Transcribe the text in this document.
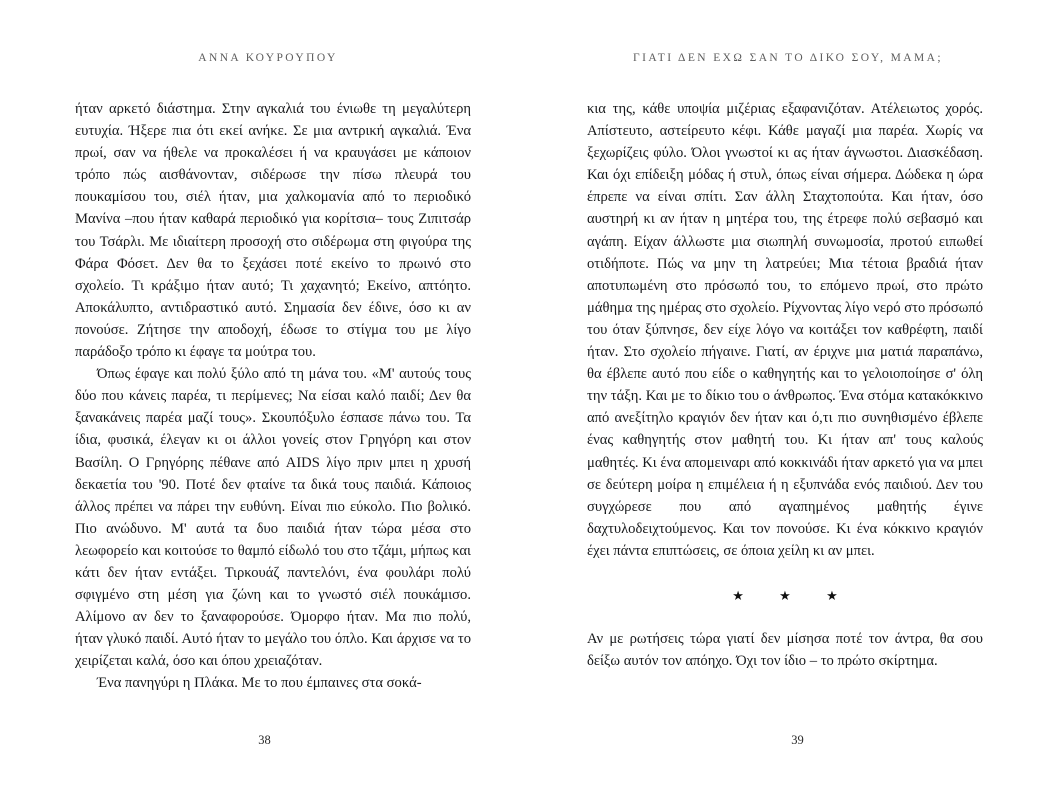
ΑΝΝΑ ΚΟΥΡΟΥΠΟΥ

ήταν αρκετό διάστημα. Στην αγκαλιά του ένιωθε τη μεγαλύτερη ευτυχία. Ήξερε πια ότι εκεί ανήκε. Σε μια αντρική αγκαλιά. Ένα πρωί, σαν να ήθελε να προκαλέσει ή να κραυγάσει με κάποιον τρόπο πώς αισθάνονταν, σιδέρωσε την πίσω πλευρά του πουκαμίσου του, σιέλ ήταν, μια χαλκομανία από το περιοδικό Μανίνα –που ήταν καθαρά περιοδικό για κορίτσια– τους Ζιπιτσάρ του Τσάρλι. Με ιδιαίτερη προσοχή στο σιδέρωμα στη φιγούρα της Φάρα Φόσετ. Δεν θα το ξεχάσει ποτέ εκείνο το πρωινό στο σχολείο. Τι κράξιμο ήταν αυτό; Τι χαχανητό; Εκείνο, απτόητο. Αποκάλυπτο, αντιδραστικό αυτό. Σημασία δεν έδινε, όσο κι αν πονούσε. Ζήτησε την αποδοχή, έδωσε το στίγμα του με λίγο παράδοξο τρόπο κι έφαγε τα μούτρα του.

Όπως έφαγε και πολύ ξύλο από τη μάνα του. «Μ' αυτούς τους δύο που κάνεις παρέα, τι περίμενες; Να είσαι καλό παιδί; Δεν θα ξανακάνεις παρέα μαζί τους». Σκουπόξυλο έσπασε πάνω του. Τα ίδια, φυσικά, έλεγαν κι οι άλλοι γονείς στον Γρηγόρη και στον Βασίλη. Ο Γρηγόρης πέθανε από AIDS λίγο πριν μπει η χρυσή δεκαετία του '90. Ποτέ δεν φταίνε τα δικά τους παιδιά. Κάποιος άλλος πρέπει να πάρει την ευθύνη. Είναι πιο εύκολο. Πιο βολικό. Πιο ανώδυνο. Μ' αυτά τα δυο παιδιά ήταν τώρα μέσα στο λεωφορείο και κοιτούσε το θαμπό είδωλό του στο τζάμι, μήπως και κάτι δεν ήταν εντάξει. Τιρκουάζ παντελόνι, ένα φουλάρι πολύ σφιγμένο στη μέση για ζώνη και το γνωστό σιέλ πουκάμισο. Αλίμονο αν δεν το ξαναφορούσε. Όμορφο ήταν. Μα πιο πολύ, ήταν γλυκό παιδί. Αυτό ήταν το μεγάλο του όπλο. Και άρχισε να το χειρίζεται καλά, όσο και όπου χρειαζόταν.

Ένα πανηγύρι η Πλάκα. Με το που έμπαινες στα σοκά-

38
ΓΙΑΤΙ ΔΕΝ ΕΧΩ ΣΑΝ ΤΟ ΔΙΚΟ ΣΟΥ, ΜΑΜΑ;

κια της, κάθε υποψία μιζέριας εξαφανιζόταν. Ατέλειωτος χορός. Απίστευτο, αστείρευτο κέφι. Κάθε μαγαζί μια παρέα. Χωρίς να ξεχωρίζεις φύλο. Όλοι γνωστοί κι ας ήταν άγνωστοι. Διασκέδαση. Και όχι επίδειξη μόδας ή στυλ, όπως είναι σήμερα. Δώδεκα η ώρα έπρεπε να είναι σπίτι. Σαν άλλη Σταχτοπούτα. Και ήταν, όσο αυστηρή κι αν ήταν η μητέρα του, της έτρεφε πολύ σεβασμό και αγάπη. Είχαν άλλωστε μια σιωπηλή συνωμοσία, προτού ειπωθεί οτιδήποτε. Πώς να μην τη λατρεύει; Μια τέτοια βραδιά ήταν αποτυπωμένη στο πρόσωπό του, το επόμενο πρωί, στο πρώτο μάθημα της ημέρας στο σχολείο. Ρίχνοντας λίγο νερό στο πρόσωπό του όταν ξύπνησε, δεν είχε λόγο να κοιτάξει τον καθρέφτη, παιδί ήταν. Στο σχολείο πήγαινε. Γιατί, αν έριχνε μια ματιά παραπάνω, θα έβλεπε αυτό που είδε ο καθηγητής και το γελοιοποίησε σ' όλη την τάξη. Και με το δίκιο του ο άνθρωπος. Ένα στόμα κατακόκκινο από ανεξίτηλο κραγιόν δεν ήταν και ό,τι πιο συνηθισμένο έβλεπε ένας καθηγητής στον μαθητή του. Κι ήταν απ' τους καλούς μαθητές. Κι ένα απομειναρι από κοκκινάδι ήταν αρκετό για να μπει σε δεύτερη μοίρα η επιμέλεια ή η εξυπνάδα ενός παιδιού. Δεν του συγχώρεσε που από αγαπημένος μαθητής έγινε δαχτυλοδειχτούμενος. Και τον πονούσε. Κι ένα κόκκινο κραγιόν έχει πάντα επιπτώσεις, σε όποια χείλη κι αν μπει.

★ ★ ★
Αν με ρωτήσεις τώρα γιατί δεν μίσησα ποτέ τον άντρα, θα σου δείξω αυτόν τον απόηχο. Όχι τον ίδιο – το πρώτο σκίρτημα.
39
